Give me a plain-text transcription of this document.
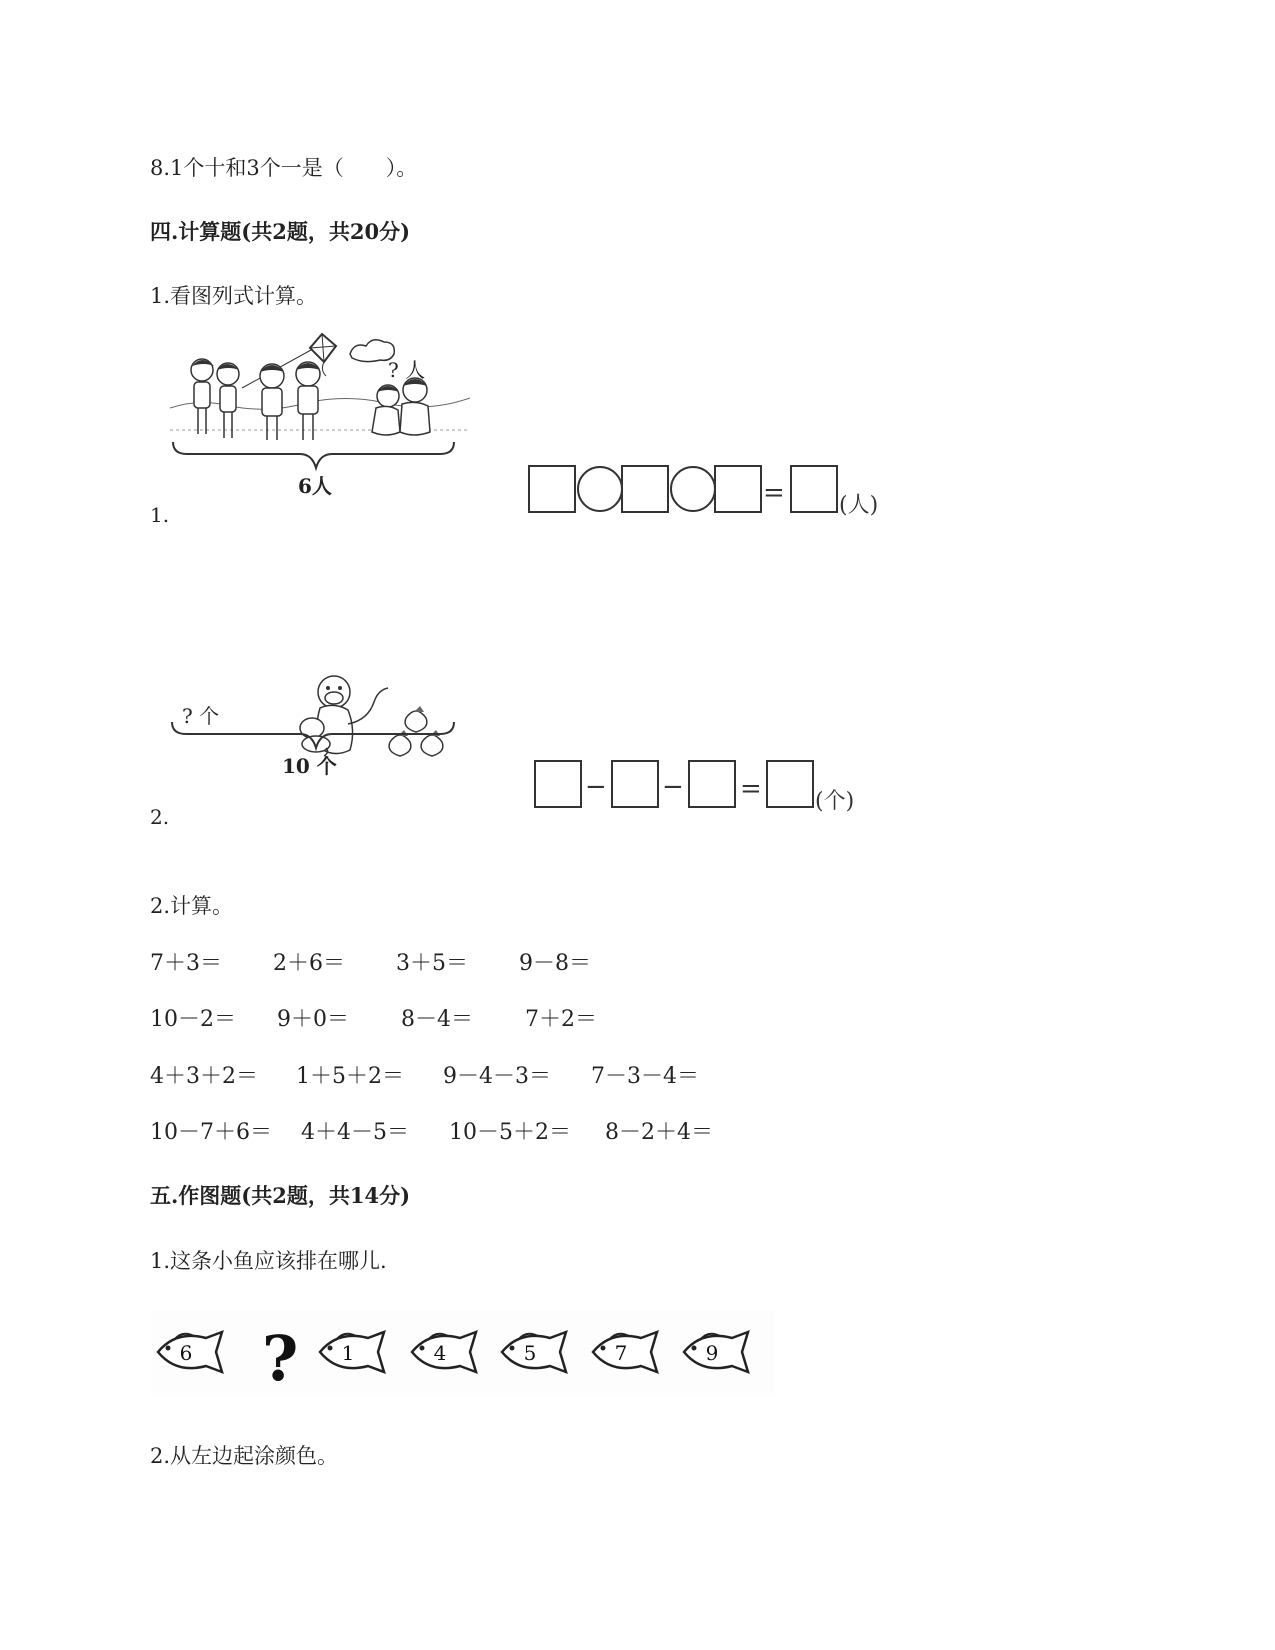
8.1个十和3个一是（　　）。
四.计算题(共2题，共20分)
1.看图列式计算。
1.
6人
? 人
= (人)
2.
? 个
10 个
− − = (个)
2.计算。
7＋3＝ 2＋6＝ 3＋5＝ 9－8＝
10－2＝ 9＋0＝ 8－4＝ 7＋2＝
4＋3＋2＝ 1＋5＋2＝ 9－4－3＝ 7－3－4＝
10－7＋6＝ 4＋4－5＝ 10－5＋2＝ 8－2＋4＝
五.作图题(共2题，共14分)
1.这条小鱼应该排在哪儿.
6 ? 1	4	5	7	9
2.从左边起涂颜色。
